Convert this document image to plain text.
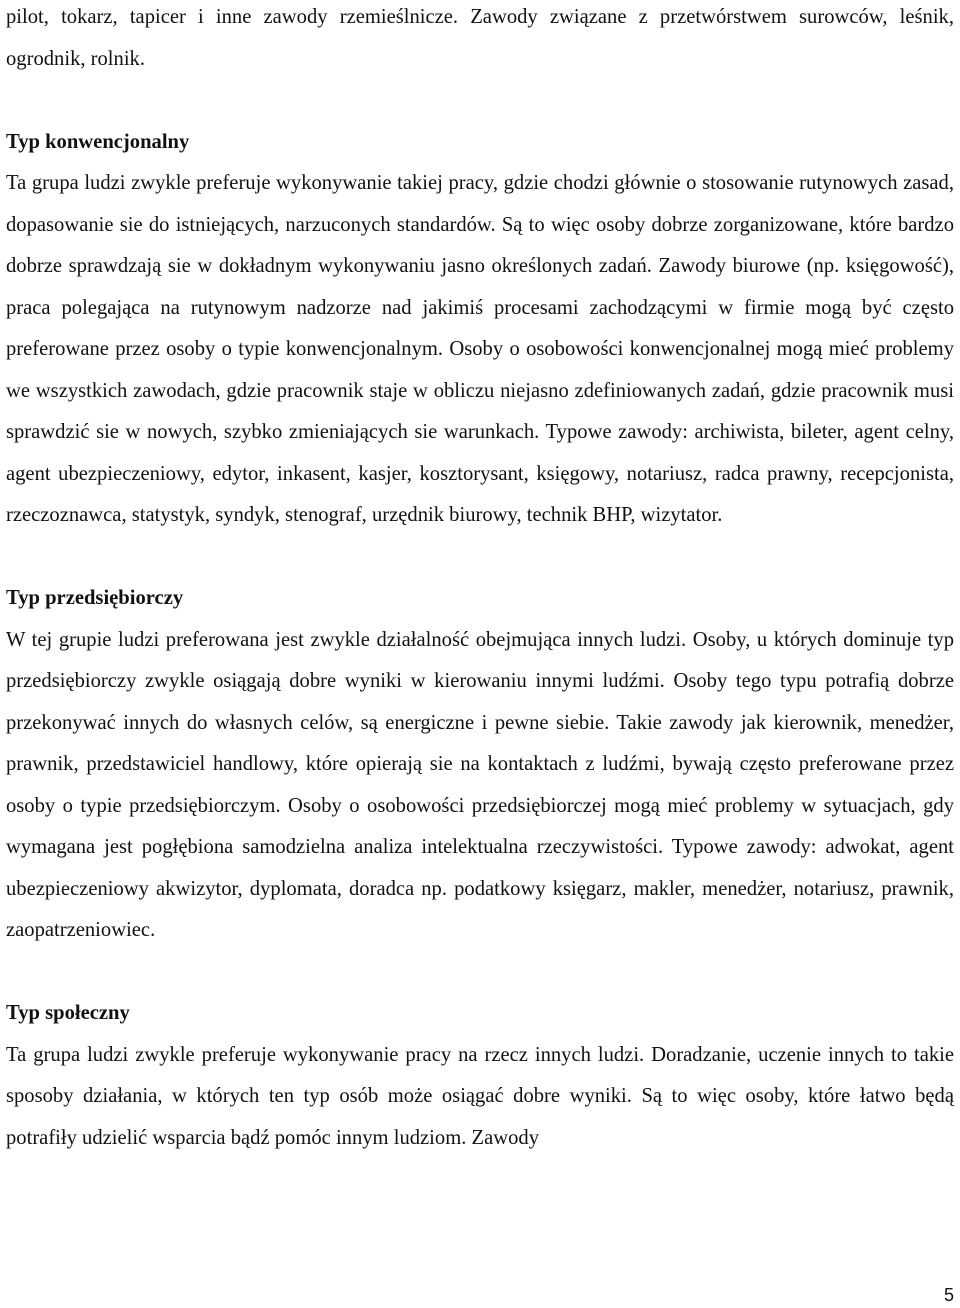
pilot, tokarz, tapicer i inne zawody rzemieślnicze. Zawody związane z przetwórstwem surowców, leśnik, ogrodnik, rolnik.

Typ konwencjonalny

Ta grupa ludzi zwykle preferuje wykonywanie takiej pracy, gdzie chodzi głównie o stosowanie rutynowych zasad, dopasowanie sie do istniejących, narzuconych standardów. Są to więc osoby dobrze zorganizowane, które bardzo dobrze sprawdzają sie w dokładnym wykonywaniu jasno określonych zadań. Zawody biurowe (np. księgowość), praca polegająca na rutynowym nadzorze nad jakimiś procesami zachodzącymi w firmie mogą być często preferowane przez osoby o typie konwencjonalnym. Osoby o osobowości konwencjonalnej mogą mieć problemy we wszystkich zawodach, gdzie pracownik staje w obliczu niejasno zdefiniowanych zadań, gdzie pracownik musi sprawdzić sie w nowych, szybko zmieniających sie warunkach. Typowe zawody: archiwista, bileter, agent celny, agent ubezpieczeniowy, edytor, inkasent, kasjer, kosztorysant, księgowy, notariusz, radca prawny, recepcjonista, rzeczoznawca, statystyk, syndyk, stenograf, urzędnik biurowy, technik BHP, wizytator.

Typ przedsiębiorczy

W tej grupie ludzi preferowana jest zwykle działalność obejmująca innych ludzi. Osoby, u których dominuje typ przedsiębiorczy zwykle osiągają dobre wyniki w kierowaniu innymi ludźmi. Osoby tego typu potrafią dobrze przekonywać innych do własnych celów, są energiczne i pewne siebie. Takie zawody jak kierownik, menedżer, prawnik, przedstawiciel handlowy, które opierają sie na kontaktach z ludźmi, bywają często preferowane przez osoby o typie przedsiębiorczym. Osoby o osobowości przedsiębiorczej mogą mieć problemy w sytuacjach, gdy wymagana jest pogłębiona samodzielna analiza intelektualna rzeczywistości. Typowe zawody: adwokat, agent ubezpieczeniowy akwizytor, dyplomata, doradca np. podatkowy księgarz, makler, menedżer, notariusz, prawnik, zaopatrzeniowiec.

Typ społeczny

Ta grupa ludzi zwykle preferuje wykonywanie pracy na rzecz innych ludzi. Doradzanie, uczenie innych to takie sposoby działania, w których ten typ osób może osiągać dobre wyniki. Są to więc osoby, które łatwo będą potrafiły udzielić wsparcia bądź pomóc innym ludziom. Zawody

5
